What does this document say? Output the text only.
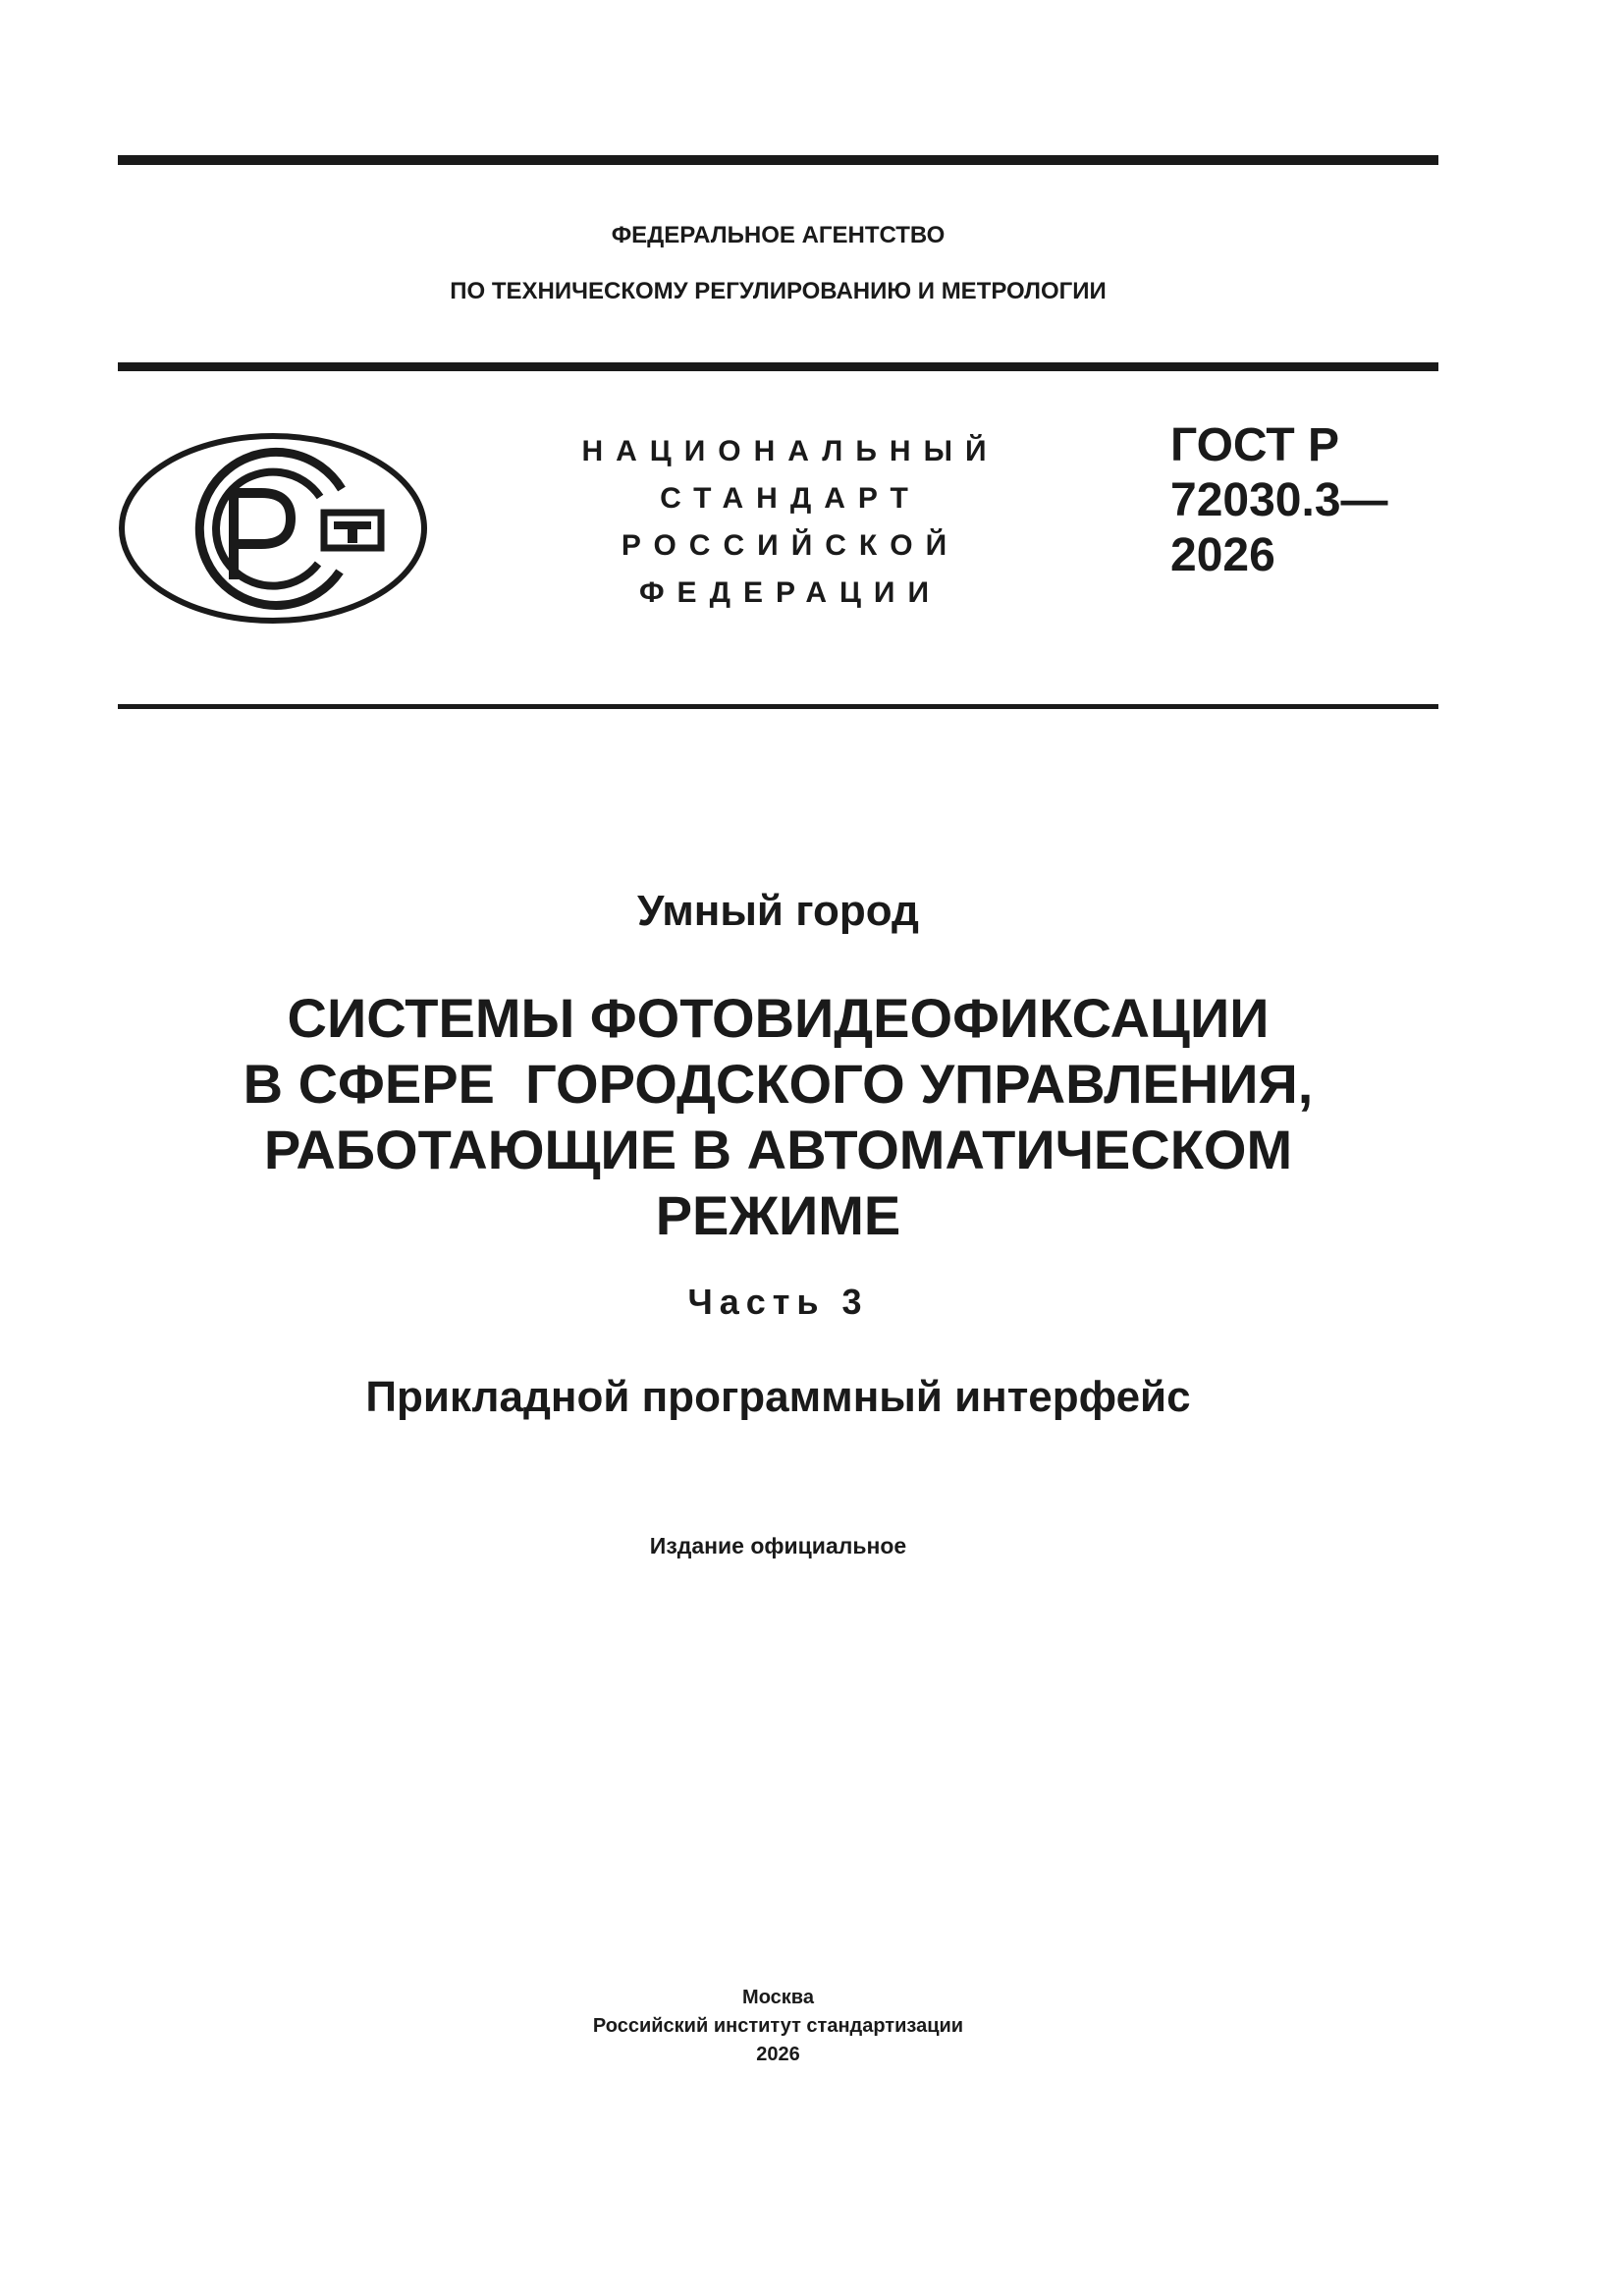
ФЕДЕРАЛЬНОЕ АГЕНТСТВО
ПО ТЕХНИЧЕСКОМУ РЕГУЛИРОВАНИЮ И МЕТРОЛОГИИ
НАЦИОНАЛЬНЫЙ
СТАНДАРТ
РОССИЙСКОЙ
ФЕДЕРАЦИИ
ГОСТ Р
72030.3—
2026
Умный город
СИСТЕМЫ ФОТОВИДЕОФИКСАЦИИ
В СФЕРЕ  ГОРОДСКОГО УПРАВЛЕНИЯ,
РАБОТАЮЩИЕ В АВТОМАТИЧЕСКОМ
РЕЖИМЕ
Часть 3
Прикладной программный интерфейс
Издание официальное
Москва
Российский институт стандартизации
2026
